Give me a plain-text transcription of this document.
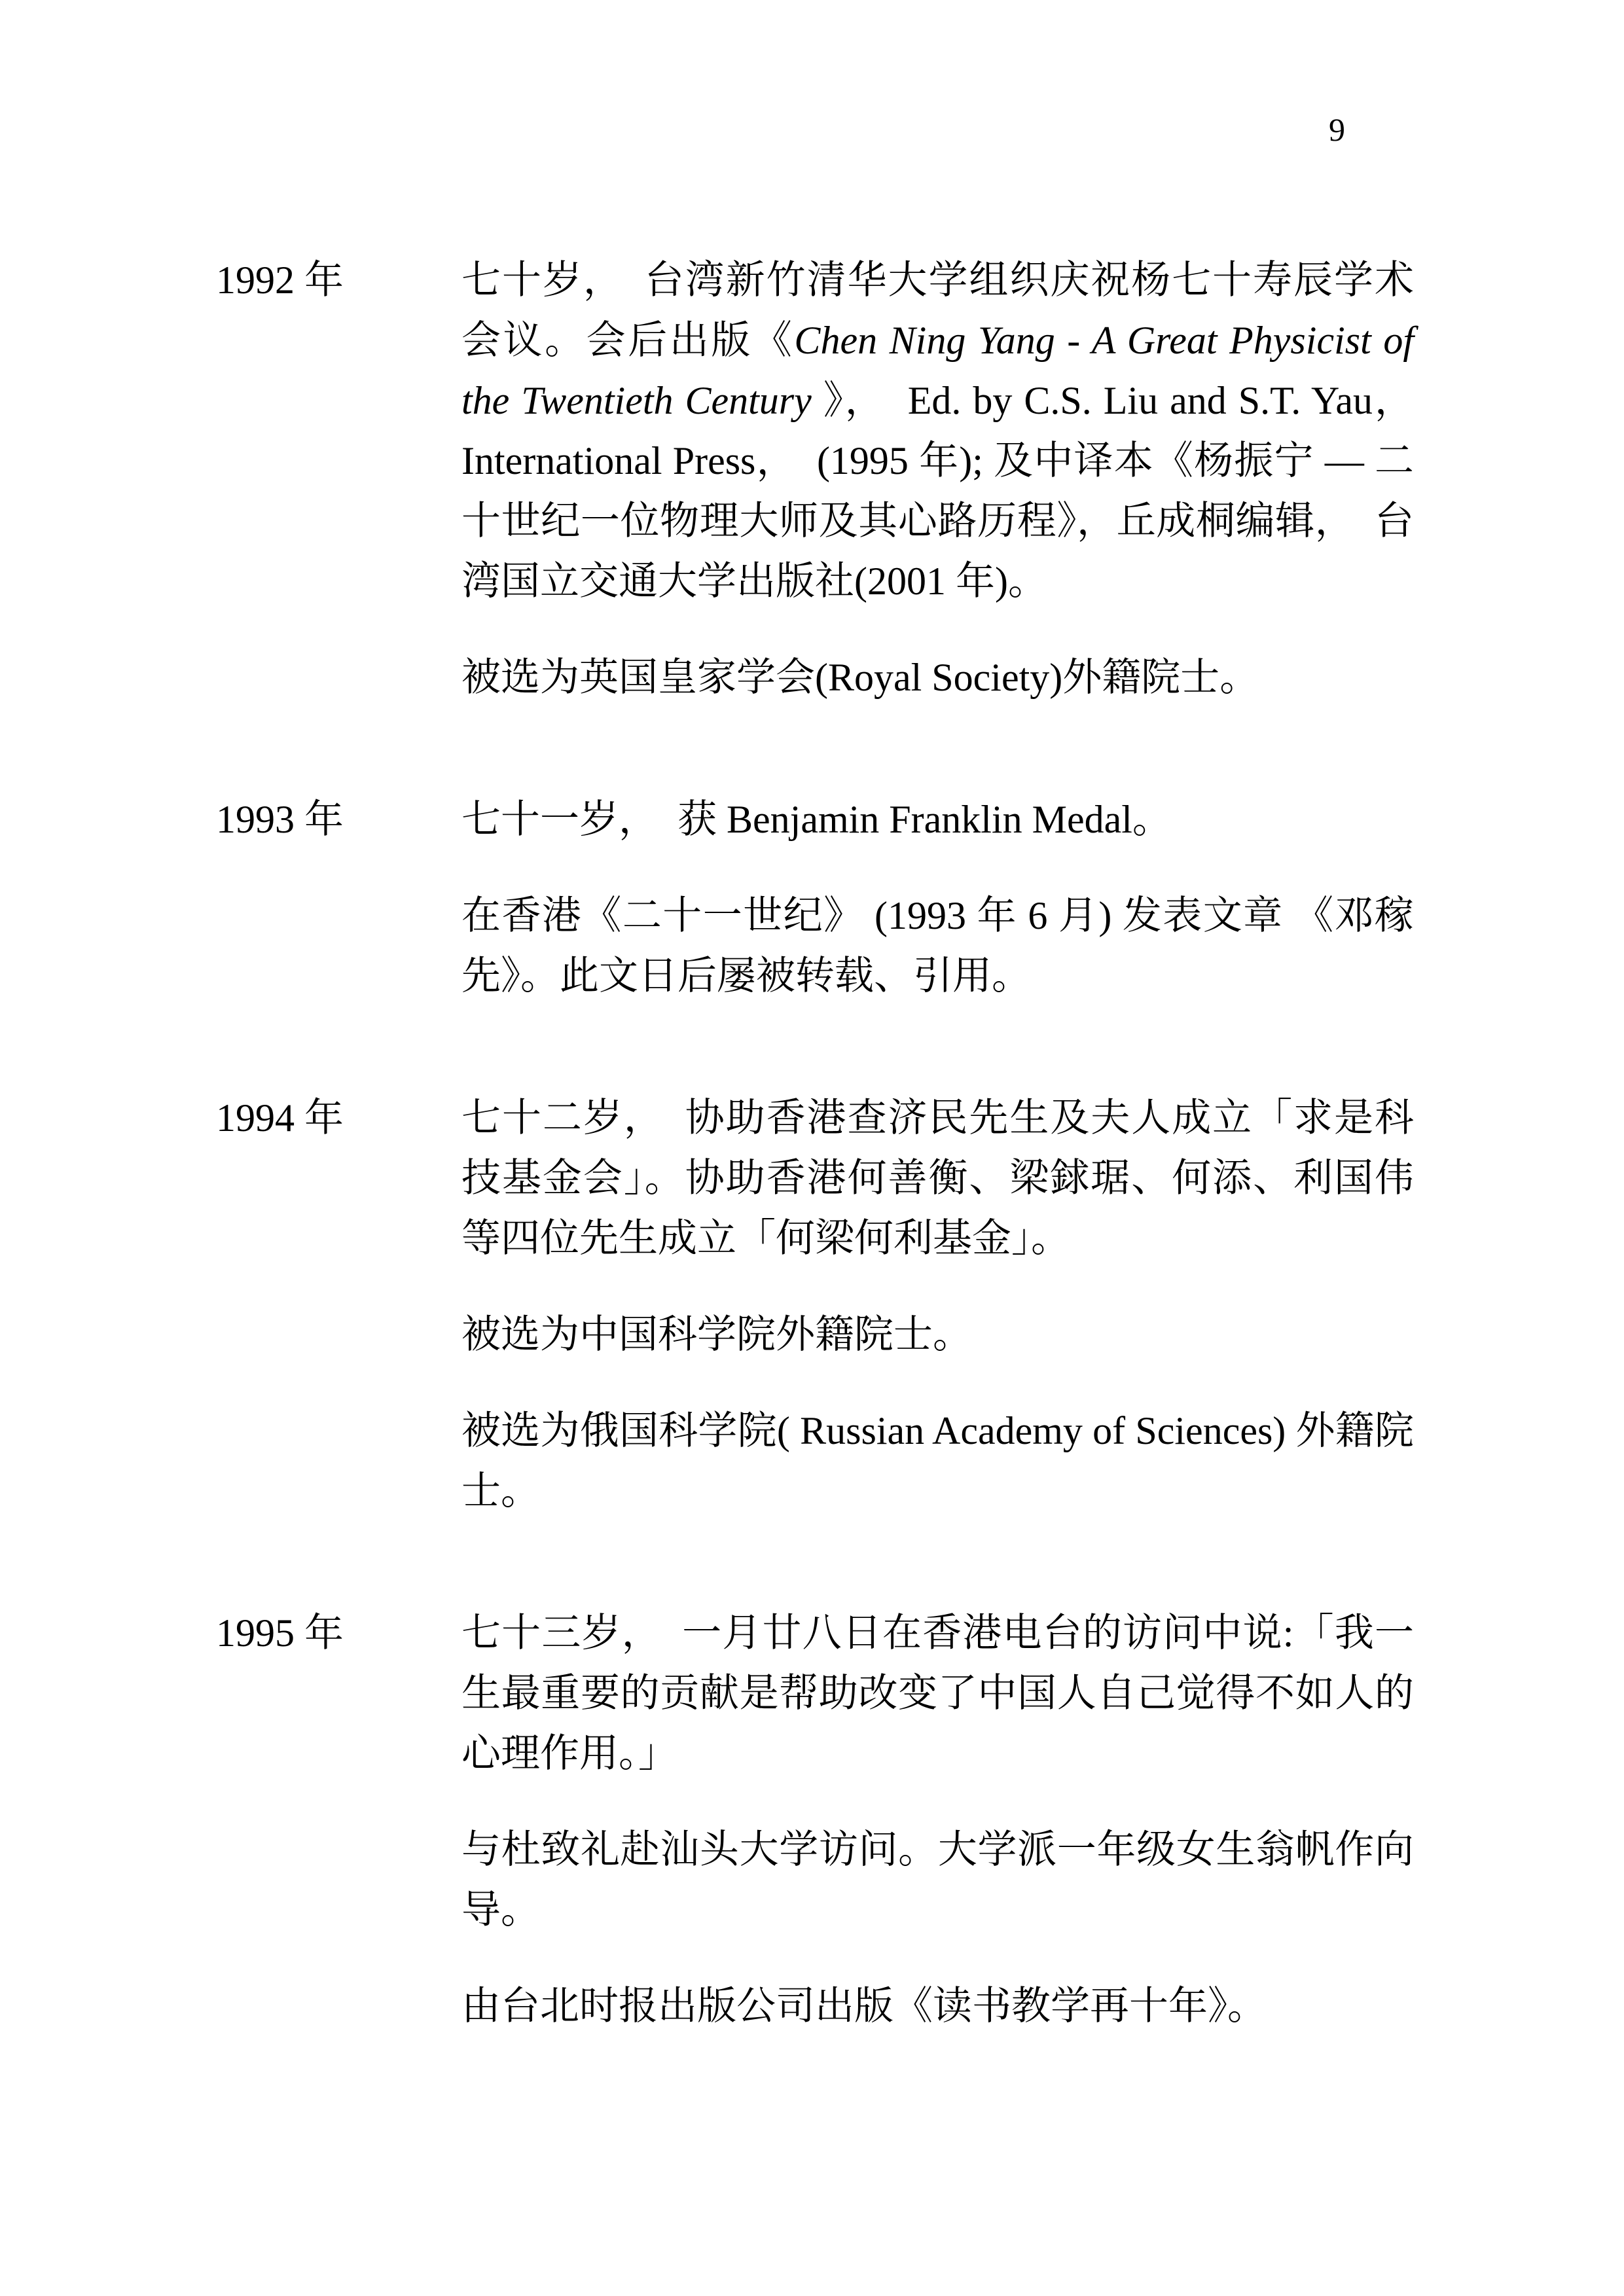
9
1992 年	七十岁，　台湾新竹清华大学组织庆祝杨七十寿辰学术会议。会后出版《Chen Ning Yang - A Great Physicist of the Twentieth Century 》，　Ed. by C.S. Liu and S.T. Yau，International Press，　(1995 年); 及中译本《杨振宁 — 二十世纪一位物理大师及其心路历程》，丘成桐编辑，　台湾国立交通大学出版社(2001 年)。

被选为英国皇家学会(Royal Society)外籍院士。

1993 年	七十一岁，　获 Benjamin Franklin Medal。

在香港《二十一世纪》 (1993 年 6 月) 发表文章 《邓稼先》。此文日后屡被转载、引用。

1994 年	七十二岁，　协助香港查济民先生及夫人成立「求是科技基金会」。协助香港何善衡、梁銶琚、何添、利国伟等四位先生成立「何梁何利基金」。

被选为中国科学院外籍院士。

被选为俄国科学院( Russian Academy of Sciences) 外籍院士。

1995 年	七十三岁，　一月廿八日在香港电台的访问中说:「我一生最重要的贡献是帮助改变了中国人自己觉得不如人的心理作用。」

与杜致礼赴汕头大学访问。大学派一年级女生翁帆作向导。

由台北时报出版公司出版《读书教学再十年》。
